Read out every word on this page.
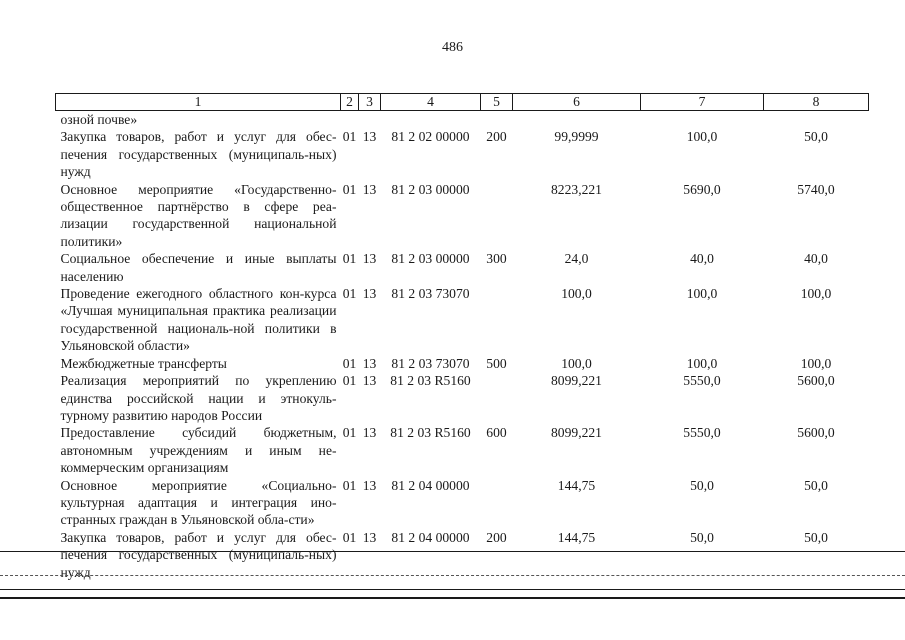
486
1	2	3	4	5	6	7	8
озной почве»							
Закупка товаров, работ и услуг для обес-печения государственных (муниципаль-ных) нужд	01	13	81 2 02 00000	200	99,9999	100,0	50,0
Основное мероприятие «Государственно-общественное партнёрство в сфере реа-лизации государственной национальной политики»	01	13	81 2 03 00000		8223,221	5690,0	5740,0
Социальное обеспечение и иные выплаты населению	01	13	81 2 03 00000	300	24,0	40,0	40,0
Проведение ежегодного областного кон-курса «Лучшая муниципальная практика реализации государственной националь-ной политики в Ульяновской области»	01	13	81 2 03 73070		100,0	100,0	100,0
Межбюджетные трансферты	01	13	81 2 03 73070	500	100,0	100,0	100,0
Реализация мероприятий по укреплению единства российской нации и этнокуль-турному развитию народов России	01	13	81 2 03 R5160		8099,221	5550,0	5600,0
Предоставление субсидий бюджетным, автономным учреждениям и иным не-коммерческим организациям	01	13	81 2 03 R5160	600	8099,221	5550,0	5600,0
Основное мероприятие «Социально-культурная адаптация и интеграция ино-странных граждан в Ульяновской обла-сти»	01	13	81 2 04 00000		144,75	50,0	50,0
Закупка товаров, работ и услуг для обес-печения государственных (муниципаль-ных) нужд	01	13	81 2 04 00000	200	144,75	50,0	50,0
